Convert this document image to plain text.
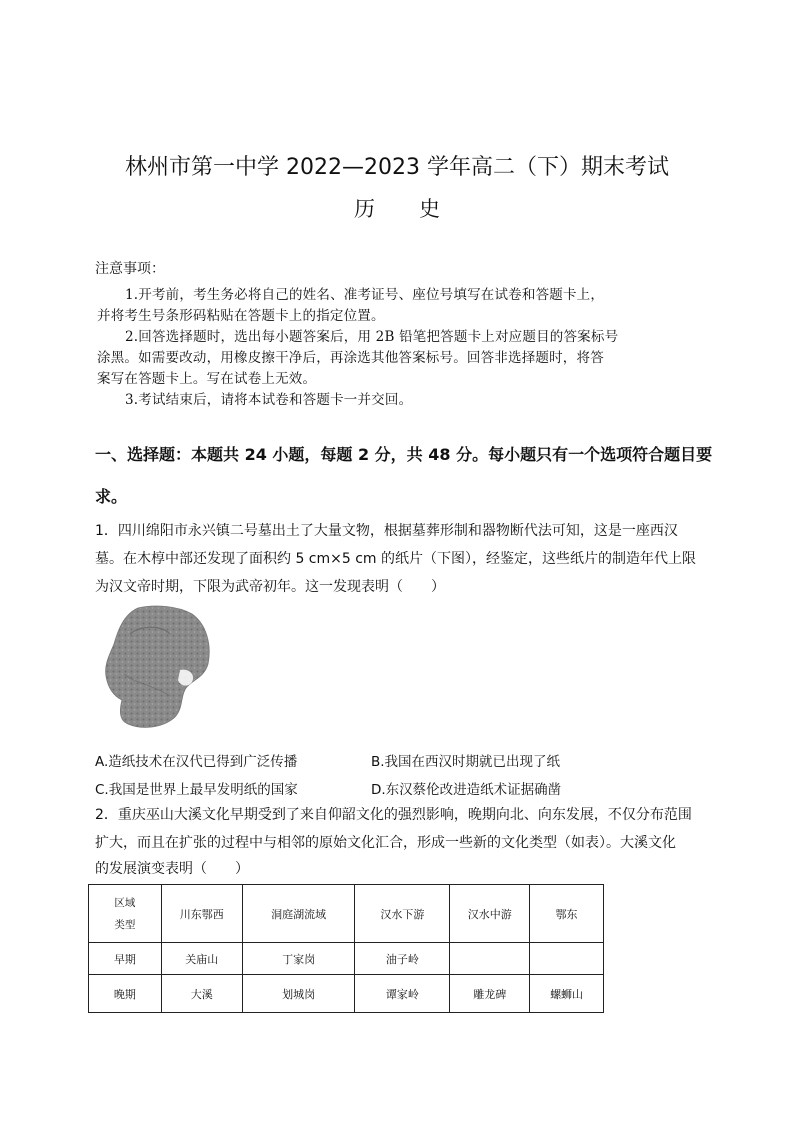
林州市第一中学 2022—2023 学年高二（下）期末考试
历 史
注意事项：
1.开考前，考生务必将自己的姓名、准考证号、座位号填写在试卷和答题卡上，
并将考生号条形码粘贴在答题卡上的指定位置。
2.回答选择题时，选出每小题答案后，用 2B 铅笔把答题卡上对应题目的答案标号
涂黑。如需要改动，用橡皮擦干净后，再涂选其他答案标号。回答非选择题时，将答
案写在答题卡上。写在试卷上无效。
3.考试结束后，请将本试卷和答题卡一并交回。
一、选择题：本题共 24 小题，每题 2 分，共 48 分。每小题只有一个选项符合题目要
求。
1．四川绵阳市永兴镇二号墓出土了大量文物，根据墓葬形制和器物断代法可知，这是一座西汉
墓。在木椁中部还发现了面积约 5 cm×5 cm 的纸片（下图），经鉴定，这些纸片的制造年代上限
为汉文帝时期，下限为武帝初年。这一发现表明（　　）
A.造纸技术在汉代已得到广泛传播	B.我国在西汉时期就已出现了纸
C.我国是世界上最早发明纸的国家	D.东汉蔡伦改进造纸术证据确凿
2．重庆巫山大溪文化早期受到了来自仰韶文化的强烈影响，晚期向北、向东发展，不仅分布范围
扩大，而且在扩张的过程中与相邻的原始文化汇合，形成一些新的文化类型（如表）。大溪文化
的发展演变表明（　　）
区域
类型	川东鄂西	洞庭湖流域	汉水下游	汉水中游	鄂东
早期	关庙山	丁家岗	油子岭		
晚期	大溪	划城岗	谭家岭	雕龙碑	螺蛳山
